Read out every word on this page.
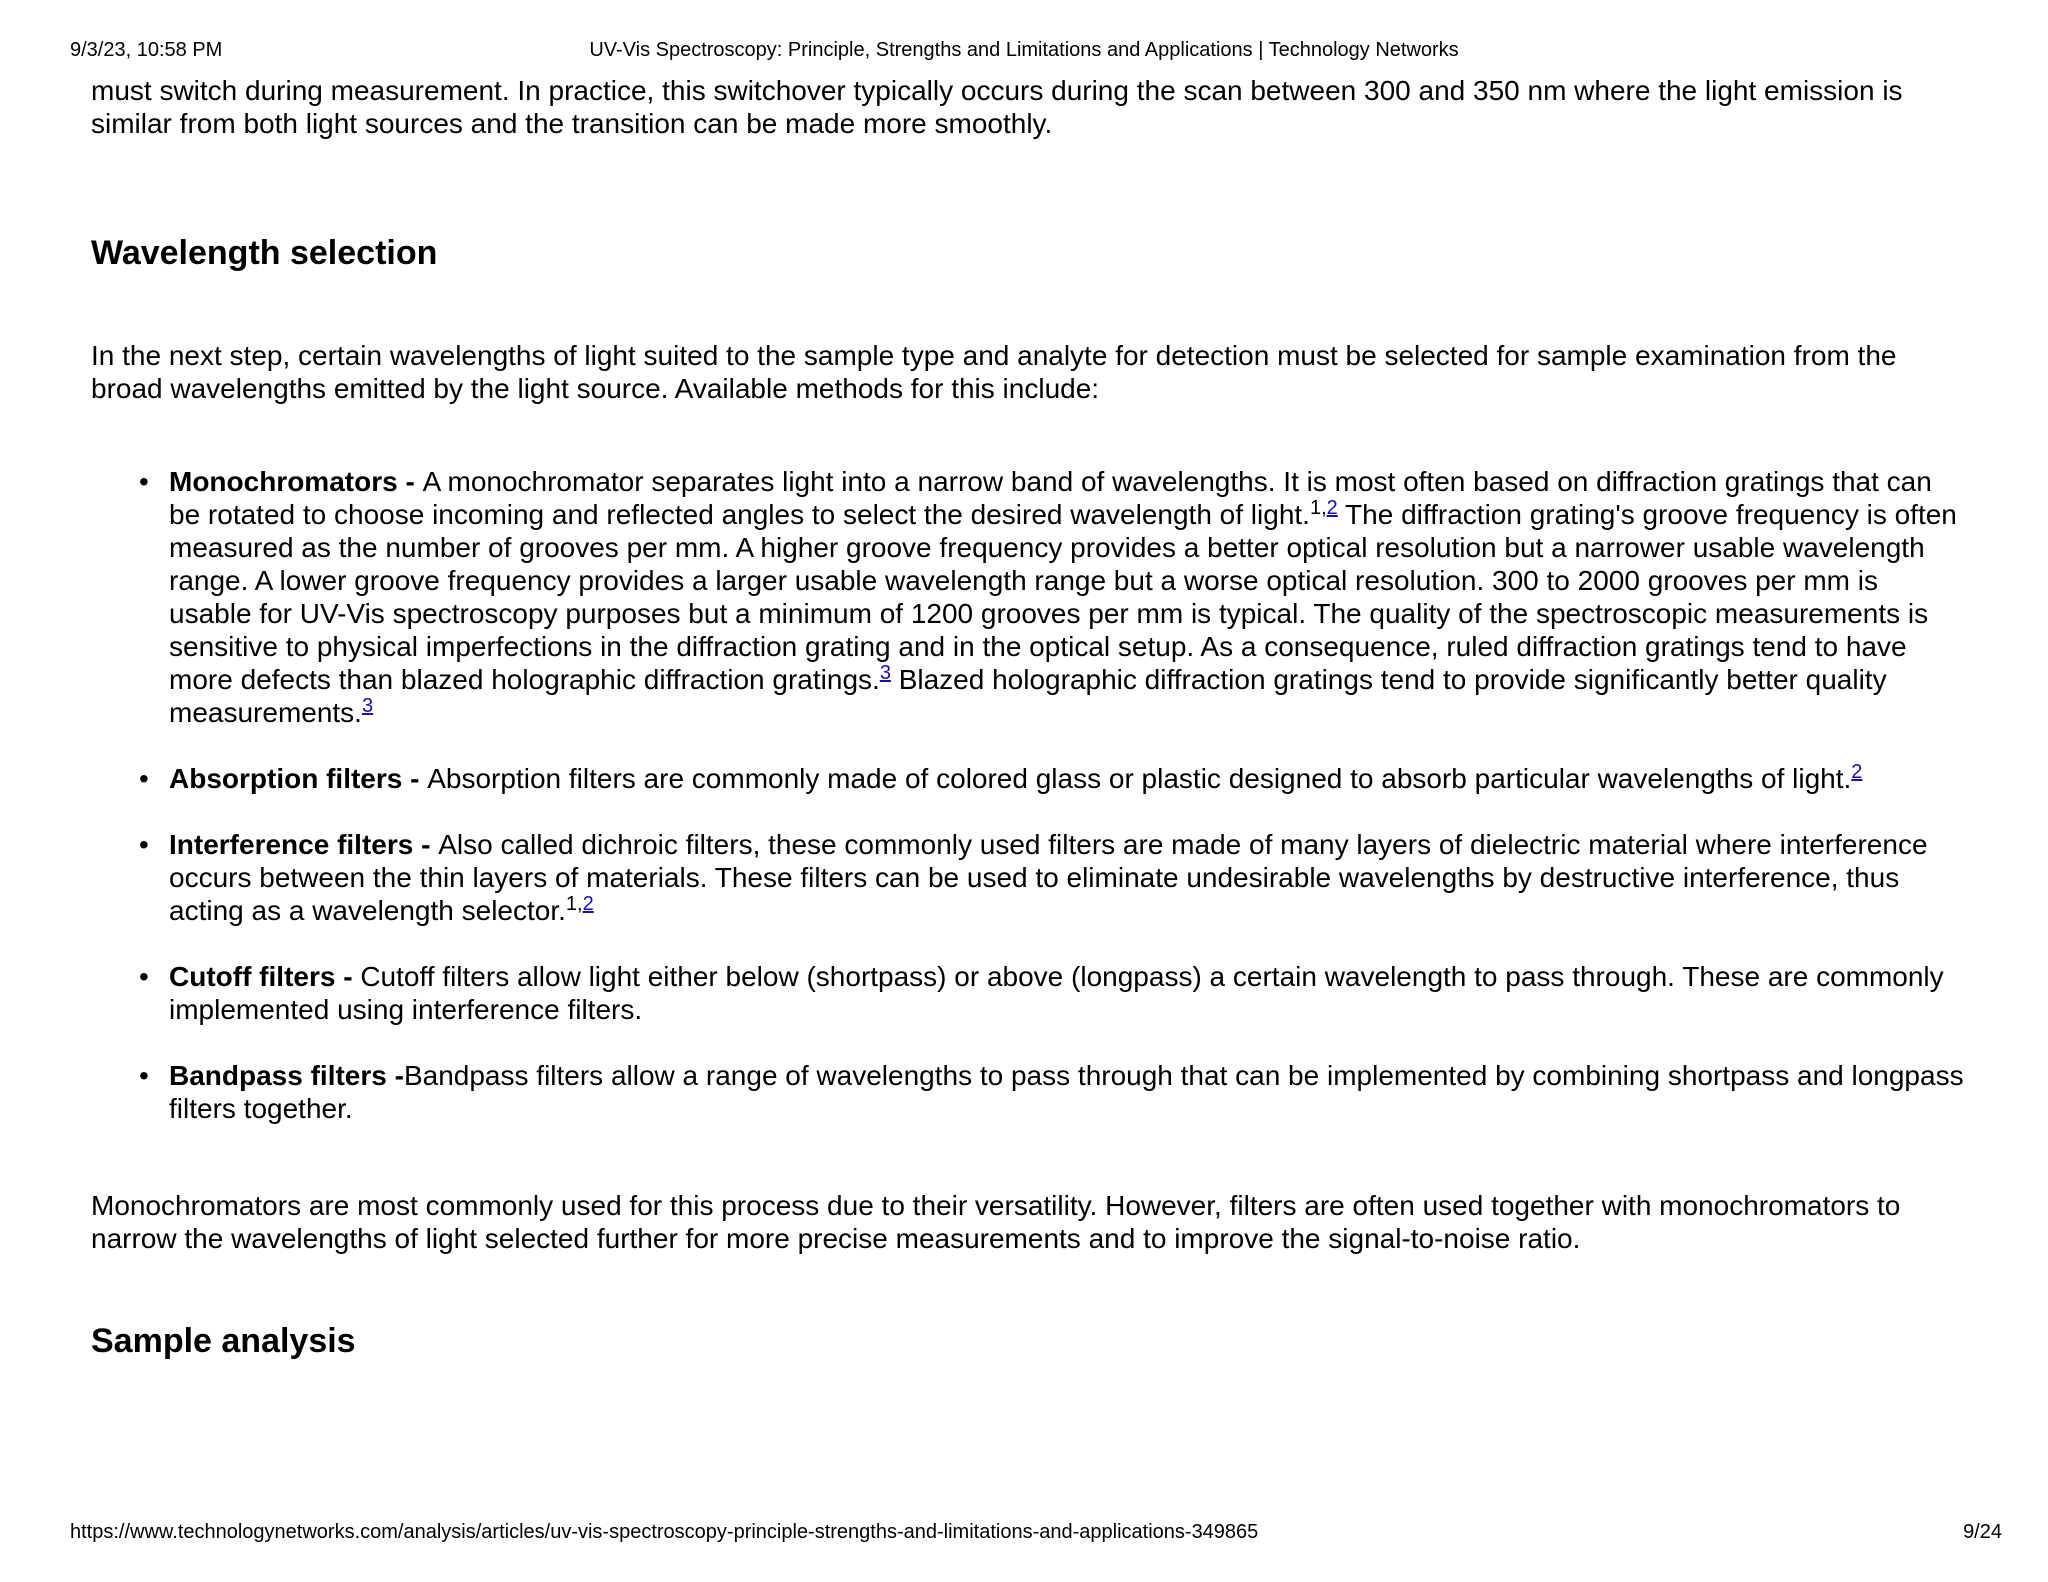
9/3/23, 10:58 PM	UV-Vis Spectroscopy: Principle, Strengths and Limitations and Applications | Technology Networks

must switch during measurement. In practice, this switchover typically occurs during the scan between 300 and 350 nm where the light emission is similar from both light sources and the transition can be made more smoothly.

Wavelength selection

In the next step, certain wavelengths of light suited to the sample type and analyte for detection must be selected for sample examination from the broad wavelengths emitted by the light source. Available methods for this include:

• Monochromators - A monochromator separates light into a narrow band of wavelengths. It is most often based on diffraction gratings that can be rotated to choose incoming and reflected angles to select the desired wavelength of light.$^{1,2}$ The diffraction grating's groove frequency is often measured as the number of grooves per mm. A higher groove frequency provides a better optical resolution but a narrower usable wavelength range. A lower groove frequency provides a larger usable wavelength range but a worse optical resolution. 300 to 2000 grooves per mm is usable for UV-Vis spectroscopy purposes but a minimum of 1200 grooves per mm is typical. The quality of the spectroscopic measurements is sensitive to physical imperfections in the diffraction grating and in the optical setup. As a consequence, ruled diffraction gratings tend to have more defects than blazed holographic diffraction gratings.$^3$ Blazed holographic diffraction gratings tend to provide significantly better quality measurements.$^3$
• Absorption filters - Absorption filters are commonly made of colored glass or plastic designed to absorb particular wavelengths of light.$^2$
• Interference filters - Also called dichroic filters, these commonly used filters are made of many layers of dielectric material where interference occurs between the thin layers of materials. These filters can be used to eliminate undesirable wavelengths by destructive interference, thus acting as a wavelength selector.$^{1,2}$
• Cutoff filters - Cutoff filters allow light either below (shortpass) or above (longpass) a certain wavelength to pass through. These are commonly implemented using interference filters.
• Bandpass filters -Bandpass filters allow a range of wavelengths to pass through that can be implemented by combining shortpass and longpass filters together.

Monochromators are most commonly used for this process due to their versatility. However, filters are often used together with monochromators to narrow the wavelengths of light selected further for more precise measurements and to improve the signal-to-noise ratio.

Sample analysis
https://www.technologynetworks.com/analysis/articles/uv-vis-spectroscopy-principle-strengths-and-limitations-and-applications-349865	9/24
